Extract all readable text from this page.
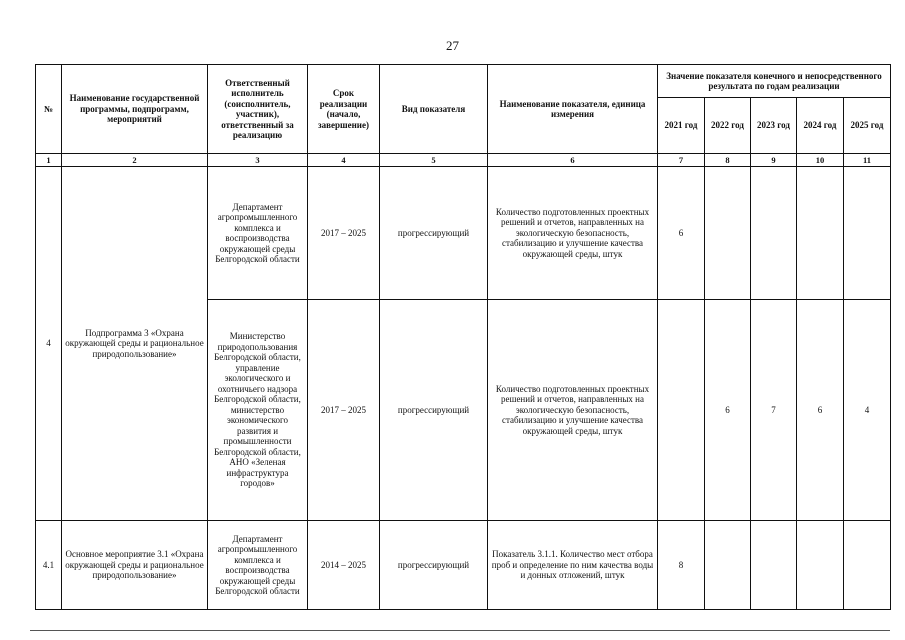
27
№	Наименование государственной программы, подпрограмм, мероприятий	Ответственный исполнитель (соисполнитель, участник), ответственный за реализацию	Срок реализации (начало, завершение)	Вид показателя	Наименование показателя, единица измерения	Значение показателя конечного и непосредственного результата по годам реализации				
						2021 год	2022 год	2023 год	2024 год	2025 год
1	2	3	4	5	6	7	8	9	10	11
4	Подпрограмма 3 «Охрана окружающей среды и рациональное природопользование»	Департамент агропромышленного комплекса и воспроизводства окружающей среды Белгородской области	2017 – 2025	прогрессирующий	Количество подготовленных проектных решений и отчетов, направленных на экологическую безопасность, стабилизацию и улучшение качества окружающей среды, штук	6				
		Министерство природопользования Белгородской области, управление экологического и охотничьего надзора Белгородской области, министерство экономического развития и промышленности Белгородской области, АНО «Зеленая инфраструктура городов»	2017 – 2025	прогрессирующий	Количество подготовленных проектных решений и отчетов, направленных на экологическую безопасность, стабилизацию и улучшение качества окружающей среды, штук		6	7	6	4
4.1	Основное мероприятие 3.1 «Охрана окружающей среды и рациональное природопользование»	Департамент агропромышленного комплекса и воспроизводства окружающей среды Белгородской области	2014 – 2025	прогрессирующий	Показатель 3.1.1. Количество мест отбора проб и определение по ним качества воды и донных отложений, штук	8				
